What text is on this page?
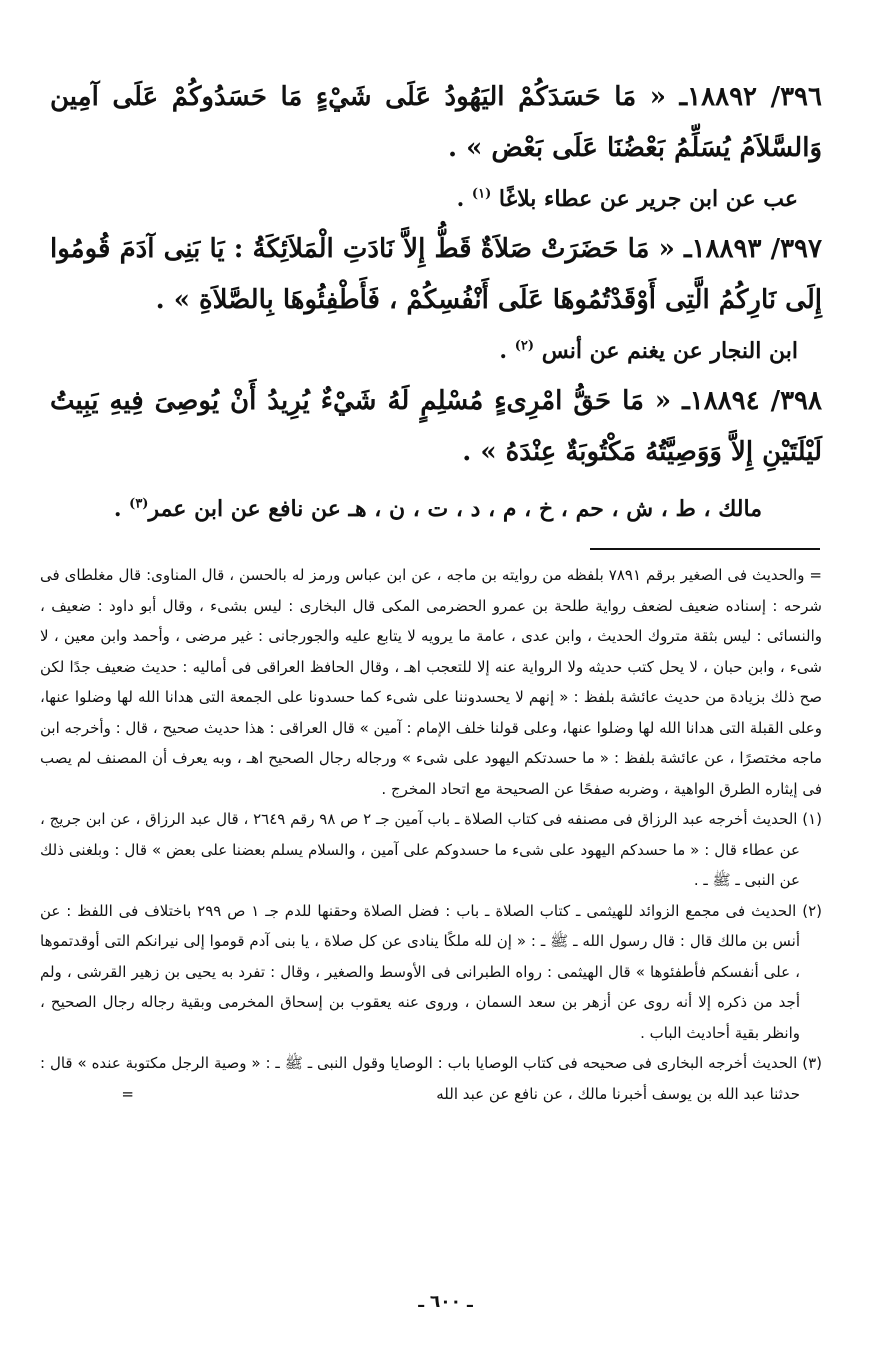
٣٩٦/ ١٨٨٩٢ـ « مَا حَسَدَكُمْ اليَهُودُ عَلَى شَيْءٍ مَا حَسَدُوكُمْ عَلَى آمِين وَالسَّلاَمُ يُسَلِّمُ بَعْضُنَا عَلَى بَعْض » .

عب عن ابن جرير عن عطاء بلاغًا $^{(١)}$ .

٣٩٧/ ١٨٨٩٣ـ « مَا حَضَرَتْ صَلاَةٌ قَطُّ إِلاَّ نَادَتِ الْمَلاَئِكَةُ : يَا بَنِى آدَمَ قُومُوا إِلَى نَارِكُمُ الَّتِى أَوْقَدْتُمُوهَا عَلَى أَنْفُسِكُمْ ، فَأَطْفِئُوهَا بِالصَّلاَةِ » .

ابن النجار عن يغنم عن أنس $^{(٢)}$ .

٣٩٨/ ١٨٨٩٤ـ « مَا حَقُّ امْرِىءٍ مُسْلِمٍ لَهُ شَيْءٌ يُرِيدُ أَنْ يُوصِىَ فِيهِ يَبِيتُ لَيْلَتَيْنِ إِلاَّ وَوَصِيَّتُهُ مَكْتُوبَةٌ عِنْدَهُ » .

مالك ، ط ، ش ، حم ، خ ، م ، د ، ت ، ن ، هـ عن نافع عن ابن عمر$^{(٣)}$ .

= والحديث فى الصغير برقم ٧٨٩١ بلفظه من روايته بن ماجه ، عن ابن عباس ورمز له بالحسن ، قال المناوى: قال مغلطاى فى شرحه : إسناده ضعيف لضعف رواية طلحة بن عمرو الحضرمى المكى قال البخارى : ليس بشىء ، وقال أبو داود : ضعيف ، والنسائى : ليس بثقة متروك الحديث ، وابن عدى ، عامة ما يرويه لا يتابع عليه والجورجانى : غير مرضى ، وأحمد وابن معين ، لا شىء ، وابن حبان ، لا يحل كتب حديثه ولا الرواية عنه إلا للتعجب اهـ ، وقال الحافظ العراقى فى أماليه : حديث ضعيف جدًا لكن صح ذلك بزيادة من حديث عائشة بلفظ : « إنهم لا يحسدوننا على شىء كما حسدونا على الجمعة التى هدانا الله لها وضلوا عنها، وعلى القبلة التى هدانا الله لها وضلوا عنها، وعلى قولنا خلف الإمام : آمين » قال العراقى : هذا حديث صحيح ، قال : وأخرجه ابن ماجه مختصرًا ، عن عائشة بلفظ : « ما حسدتكم اليهود على شىء » ورجاله رجال الصحيح اهـ ، وبه يعرف أن المصنف لم يصب فى إيثاره الطرق الواهية ، وضربه صفحًا عن الصحيحة مع اتحاد المخرج .

(١) الحديث أخرجه عبد الرزاق فى مصنفه فى كتاب الصلاة ـ باب آمين جـ ٢ ص ٩٨ رقم ٢٦٤٩ ، قال عبد الرزاق ، عن ابن جريج ، عن عطاء قال : « ما حسدكم اليهود على شىء ما حسدوكم على آمين ، والسلام يسلم بعضنا على بعض » قال : وبلغنى ذلك عن النبى ـ ﷺ ـ .

(٢) الحديث فى مجمع الزوائد للهيثمى ـ كتاب الصلاة ـ باب : فضل الصلاة وحقنها للدم جـ ١ ص ٢٩٩ باختلاف فى اللفظ : عن أنس بن مالك قال : قال رسول الله ـ ﷺ ـ : « إن لله ملكًا ينادى عن كل صلاة ، يا بنى آدم قوموا إلى نيرانكم التى أوقدتموها ، على أنفسكم فأطفئوها » قال الهيثمى : رواه الطبرانى فى الأوسط والصغير ، وقال : تفرد به يحيى بن زهير القرشى ، ولم أجد من ذكره إلا أنه روى عن أزهر بن سعد السمان ، وروى عنه يعقوب بن إسحاق المخرمى وبقية رجاله رجال الصحيح ، وانظر بقية أحاديث الباب .

(٣) الحديث أخرجه البخارى فى صحيحه فى كتاب الوصايا باب : الوصايا وقول النبى ـ ﷺ ـ : « وصية الرجل مكتوبة عنده » قال : حدثنا عبد الله بن يوسف أخبرنا مالك ، عن نافع عن عبد الله
=

ـ ٦٠٠ ـ
